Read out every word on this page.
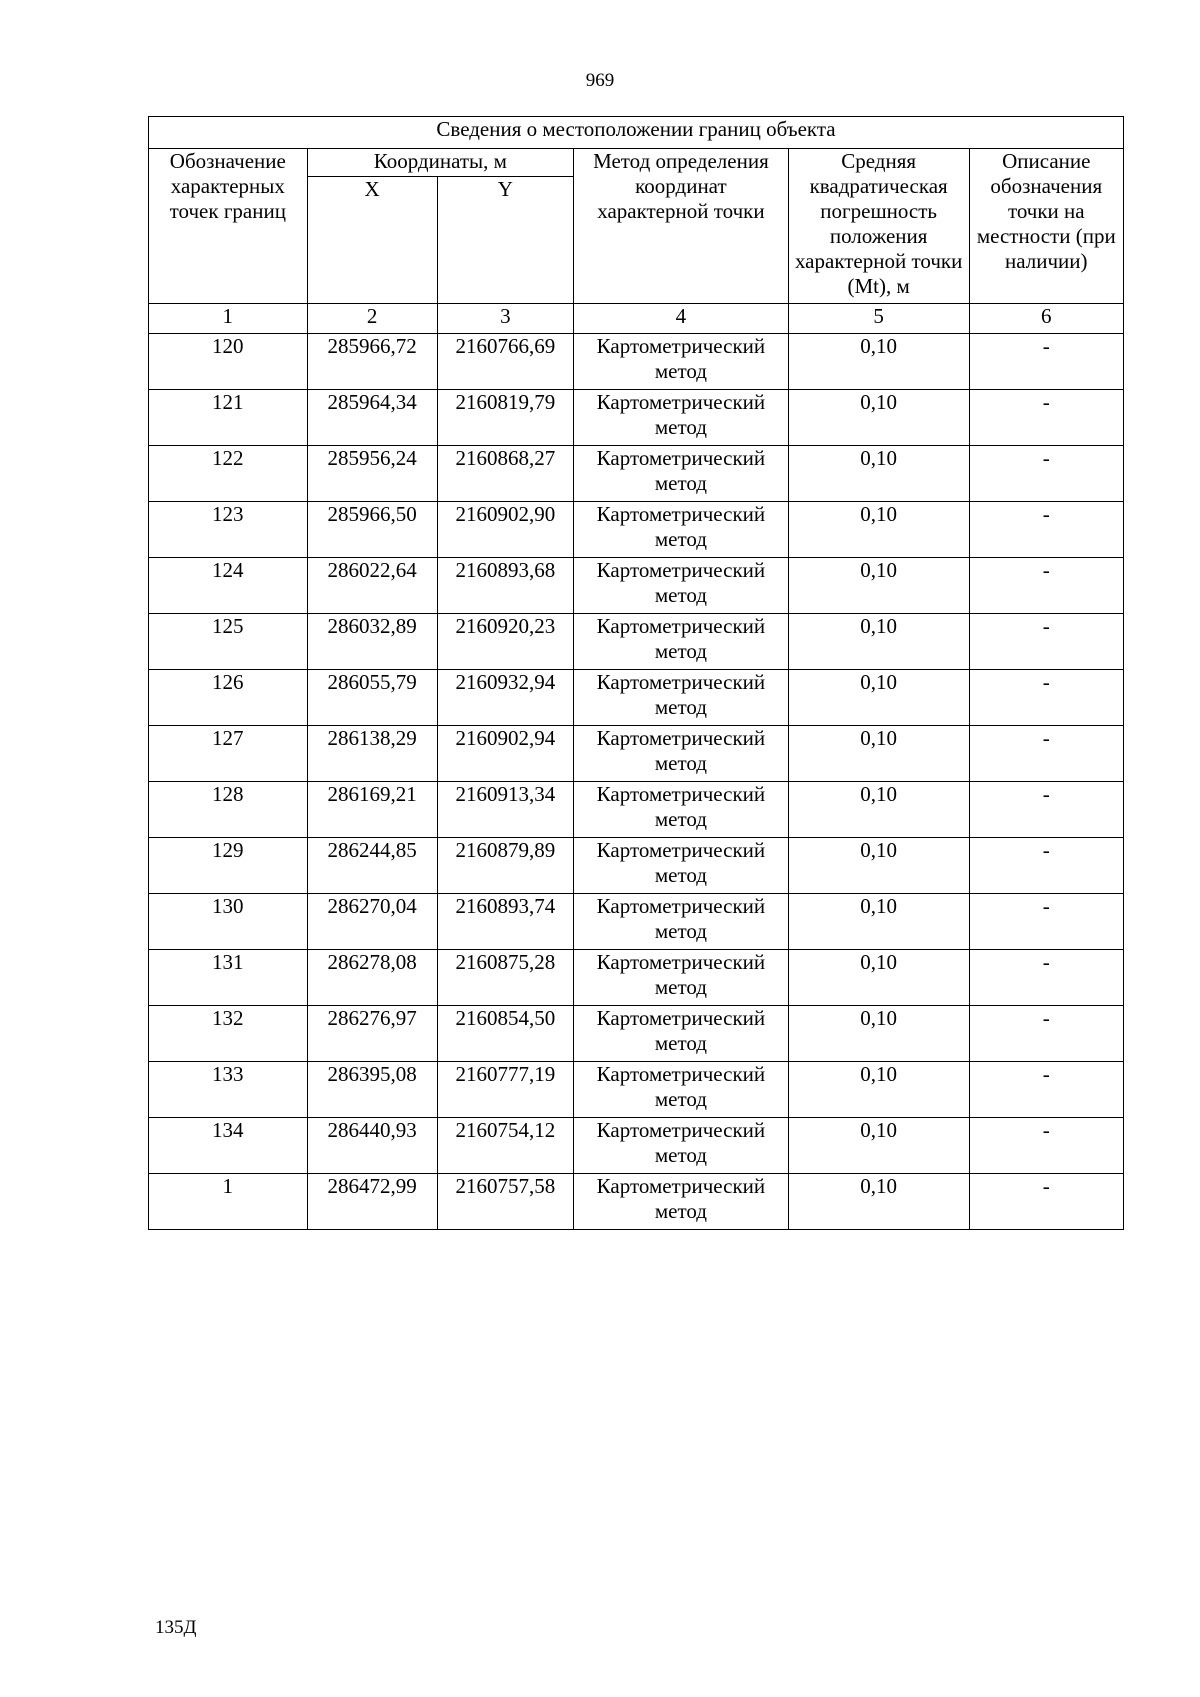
969
Сведения о местоположении границ объекта					
Обозначение характерных точек границ	Координаты, м		Метод определения координат характерной точки	Средняя квадратическая погрешность положения характерной точки (Mt), м	Описание обозначения точки на местности (при наличии)
	X	Y			
1	2	3	4	5	6
120	285966,72	2160766,69	Картометрический метод	0,10	-
121	285964,34	2160819,79	Картометрический метод	0,10	-
122	285956,24	2160868,27	Картометрический метод	0,10	-
123	285966,50	2160902,90	Картометрический метод	0,10	-
124	286022,64	2160893,68	Картометрический метод	0,10	-
125	286032,89	2160920,23	Картометрический метод	0,10	-
126	286055,79	2160932,94	Картометрический метод	0,10	-
127	286138,29	2160902,94	Картометрический метод	0,10	-
128	286169,21	2160913,34	Картометрический метод	0,10	-
129	286244,85	2160879,89	Картометрический метод	0,10	-
130	286270,04	2160893,74	Картометрический метод	0,10	-
131	286278,08	2160875,28	Картометрический метод	0,10	-
132	286276,97	2160854,50	Картометрический метод	0,10	-
133	286395,08	2160777,19	Картометрический метод	0,10	-
134	286440,93	2160754,12	Картометрический метод	0,10	-
1	286472,99	2160757,58	Картометрический метод	0,10	-
135Д
